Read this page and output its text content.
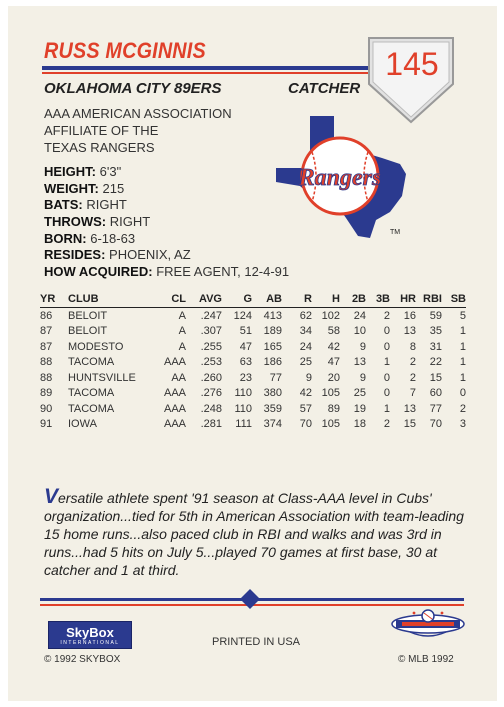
RUSS MCGINNIS	145
OKLAHOMA CITY 89ERS	CATCHER
AAA AMERICAN ASSOCIATION
AFFILIATE OF THE
TEXAS RANGERS
HEIGHT: 6'3"
WEIGHT: 215
BATS: RIGHT
THROWS: RIGHT
BORN: 6-18-63
RESIDES: PHOENIX, AZ
HOW ACQUIRED: FREE AGENT, 12-4-91
Rangers
TM
YR	CLUB	CL	AVG	G	AB	R	H	2B	3B	HR	RBI	SB
86	BELOIT	A	.247	124	413	62	102	24	2	16	59	5
87	BELOIT	A	.307	51	189	34	58	10	0	13	35	1
87	MODESTO	A	.255	47	165	24	42	9	0	8	31	1
88	TACOMA	AAA	.253	63	186	25	47	13	1	2	22	1
88	HUNTSVILLE	AA	.260	23	77	9	20	9	0	2	15	1
89	TACOMA	AAA	.276	110	380	42	105	25	0	7	60	0
90	TACOMA	AAA	.248	110	359	57	89	19	1	13	77	2
91	IOWA	AAA	.281	111	374	70	105	18	2	15	70	3
Versatile athlete spent '91 season at Class-AAA level in Cubs' organization...tied for 5th in American Association with team-leading 15 home runs...also paced club in RBI and walks and was 3rd in runs...had 5 hits on July 5...played 70 games at first base, 30 at catcher and 1 at third.
SkyBox
INTERNATIONAL
© 1992 SKYBOX
PRINTED IN USA
© MLB 1992
